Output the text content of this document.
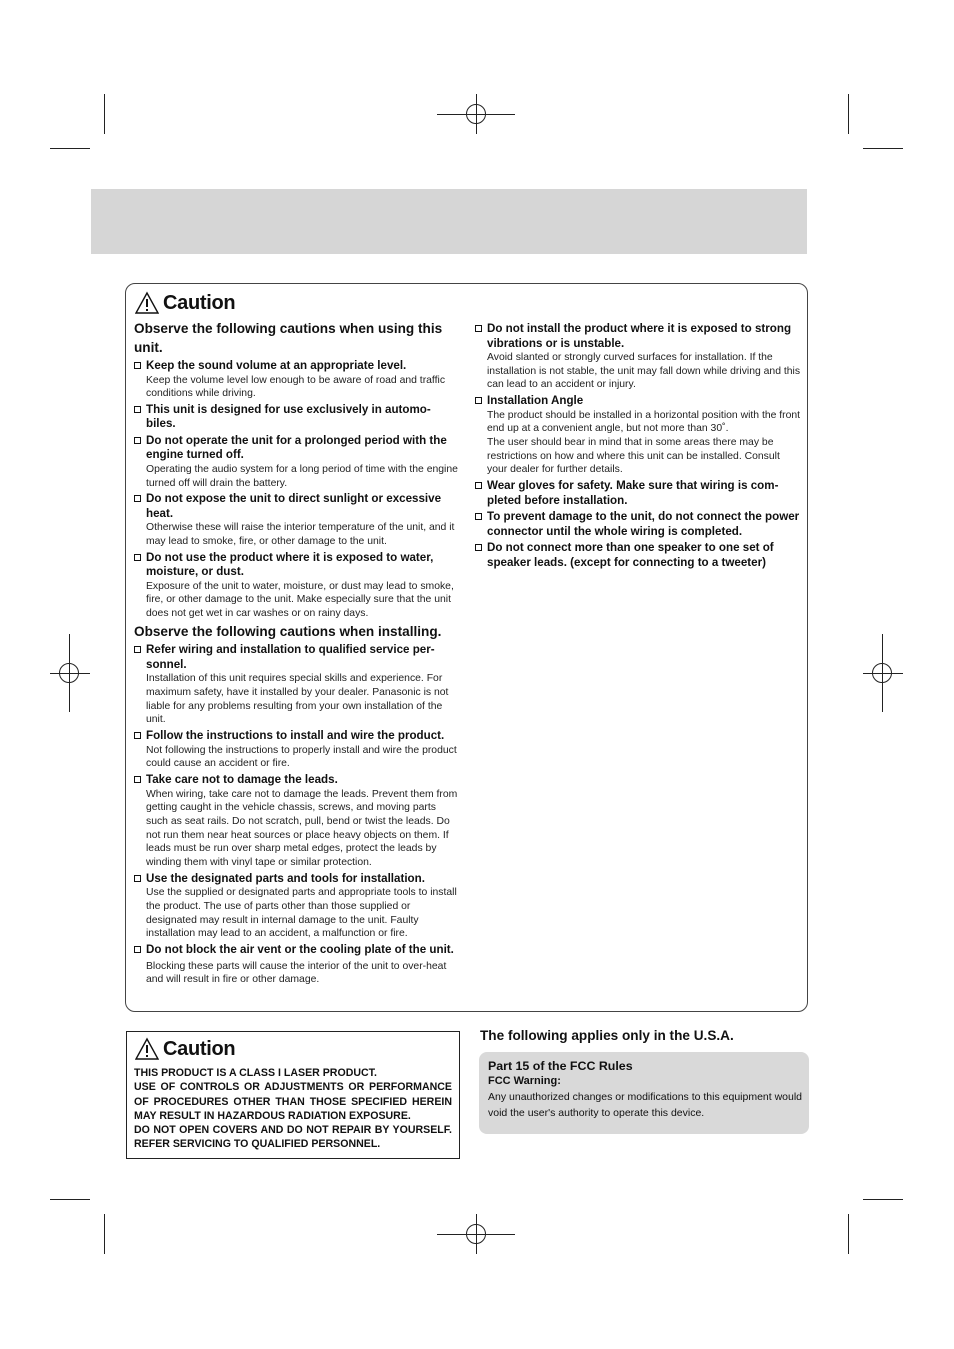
Caution
Observe the following cautions when using this unit.
Keep the sound volume at an appropriate level.
Keep the volume level low enough to be aware of road and traffic conditions while driving.
This unit is designed for use exclusively in automo-biles.
Do not operate the unit for a prolonged period with the engine turned off.
Operating the audio system for a long period of time with the engine turned off will drain the battery.
Do not expose the unit to direct sunlight or excessive heat.
Otherwise these will raise the interior temperature of the unit, and it may lead to smoke, fire, or other damage to the unit.
Do not use the product where it is exposed to water, moisture, or dust.
Exposure of the unit to water, moisture, or dust may lead to smoke, fire, or other damage to the unit. Make especially sure that the unit does not get wet in car washes or on rainy days.
Observe the following cautions when installing.
Refer wiring and installation to qualified service per-sonnel.
Installation of this unit requires special skills and experience. For maximum safety, have it installed by your dealer. Panasonic is not liable for any problems resulting from your own installation of the unit.
Follow the instructions to install and wire the product.
Not following the instructions to properly install and wire the product could cause an accident or fire.
Take care not to damage the leads.
When wiring, take care not to damage the leads. Prevent them from getting caught in the vehicle chassis, screws, and moving parts such as seat rails. Do not scratch, pull, bend or twist the leads. Do not run them near heat sources or place heavy objects on them. If leads must be run over sharp metal edges, protect the leads by winding them with vinyl tape or similar protection.
Use the designated parts and tools for installation.
Use the supplied or designated parts and appropriate tools to install the product. The use of parts other than those supplied or designated may result in internal damage to the unit. Faulty installation may lead to an accident, a malfunction or fire.
Do not block the air vent or the cooling plate of the unit.
Blocking these parts will cause the interior of the unit to over-heat and will result in fire or other damage.
Do not install the product where it is exposed to strong vibrations or is unstable.
Avoid slanted or strongly curved surfaces for installation. If the installation is not stable, the unit may fall down while driving and this can lead to an accident or injury.
Installation Angle
The product should be installed in a horizontal position with the front end up at a convenient angle, but not more than 30˚.
The user should bear in mind that in some areas there may be restrictions on how and where this unit can be installed. Consult your dealer for further details.
Wear gloves for safety. Make sure that wiring is com-pleted before installation.
To prevent damage to the unit, do not connect the power connector until the whole wiring is completed.
Do not connect more than one speaker to one set of speaker leads. (except for connecting to a tweeter)
Caution
THIS PRODUCT IS A CLASS I LASER PRODUCT.
USE OF CONTROLS OR ADJUSTMENTS OR PERFORMANCE OF PROCEDURES OTHER THAN THOSE SPECIFIED HEREIN MAY RESULT IN HAZARDOUS RADIATION EXPOSURE.
DO NOT OPEN COVERS AND DO NOT REPAIR BY YOURSELF. REFER SERVICING TO QUALIFIED PERSONNEL.
The following applies only in the U.S.A.
Part 15 of the FCC Rules
FCC Warning:
Any unauthorized changes or modifications to this equipment would void the user's authority to operate this device.
